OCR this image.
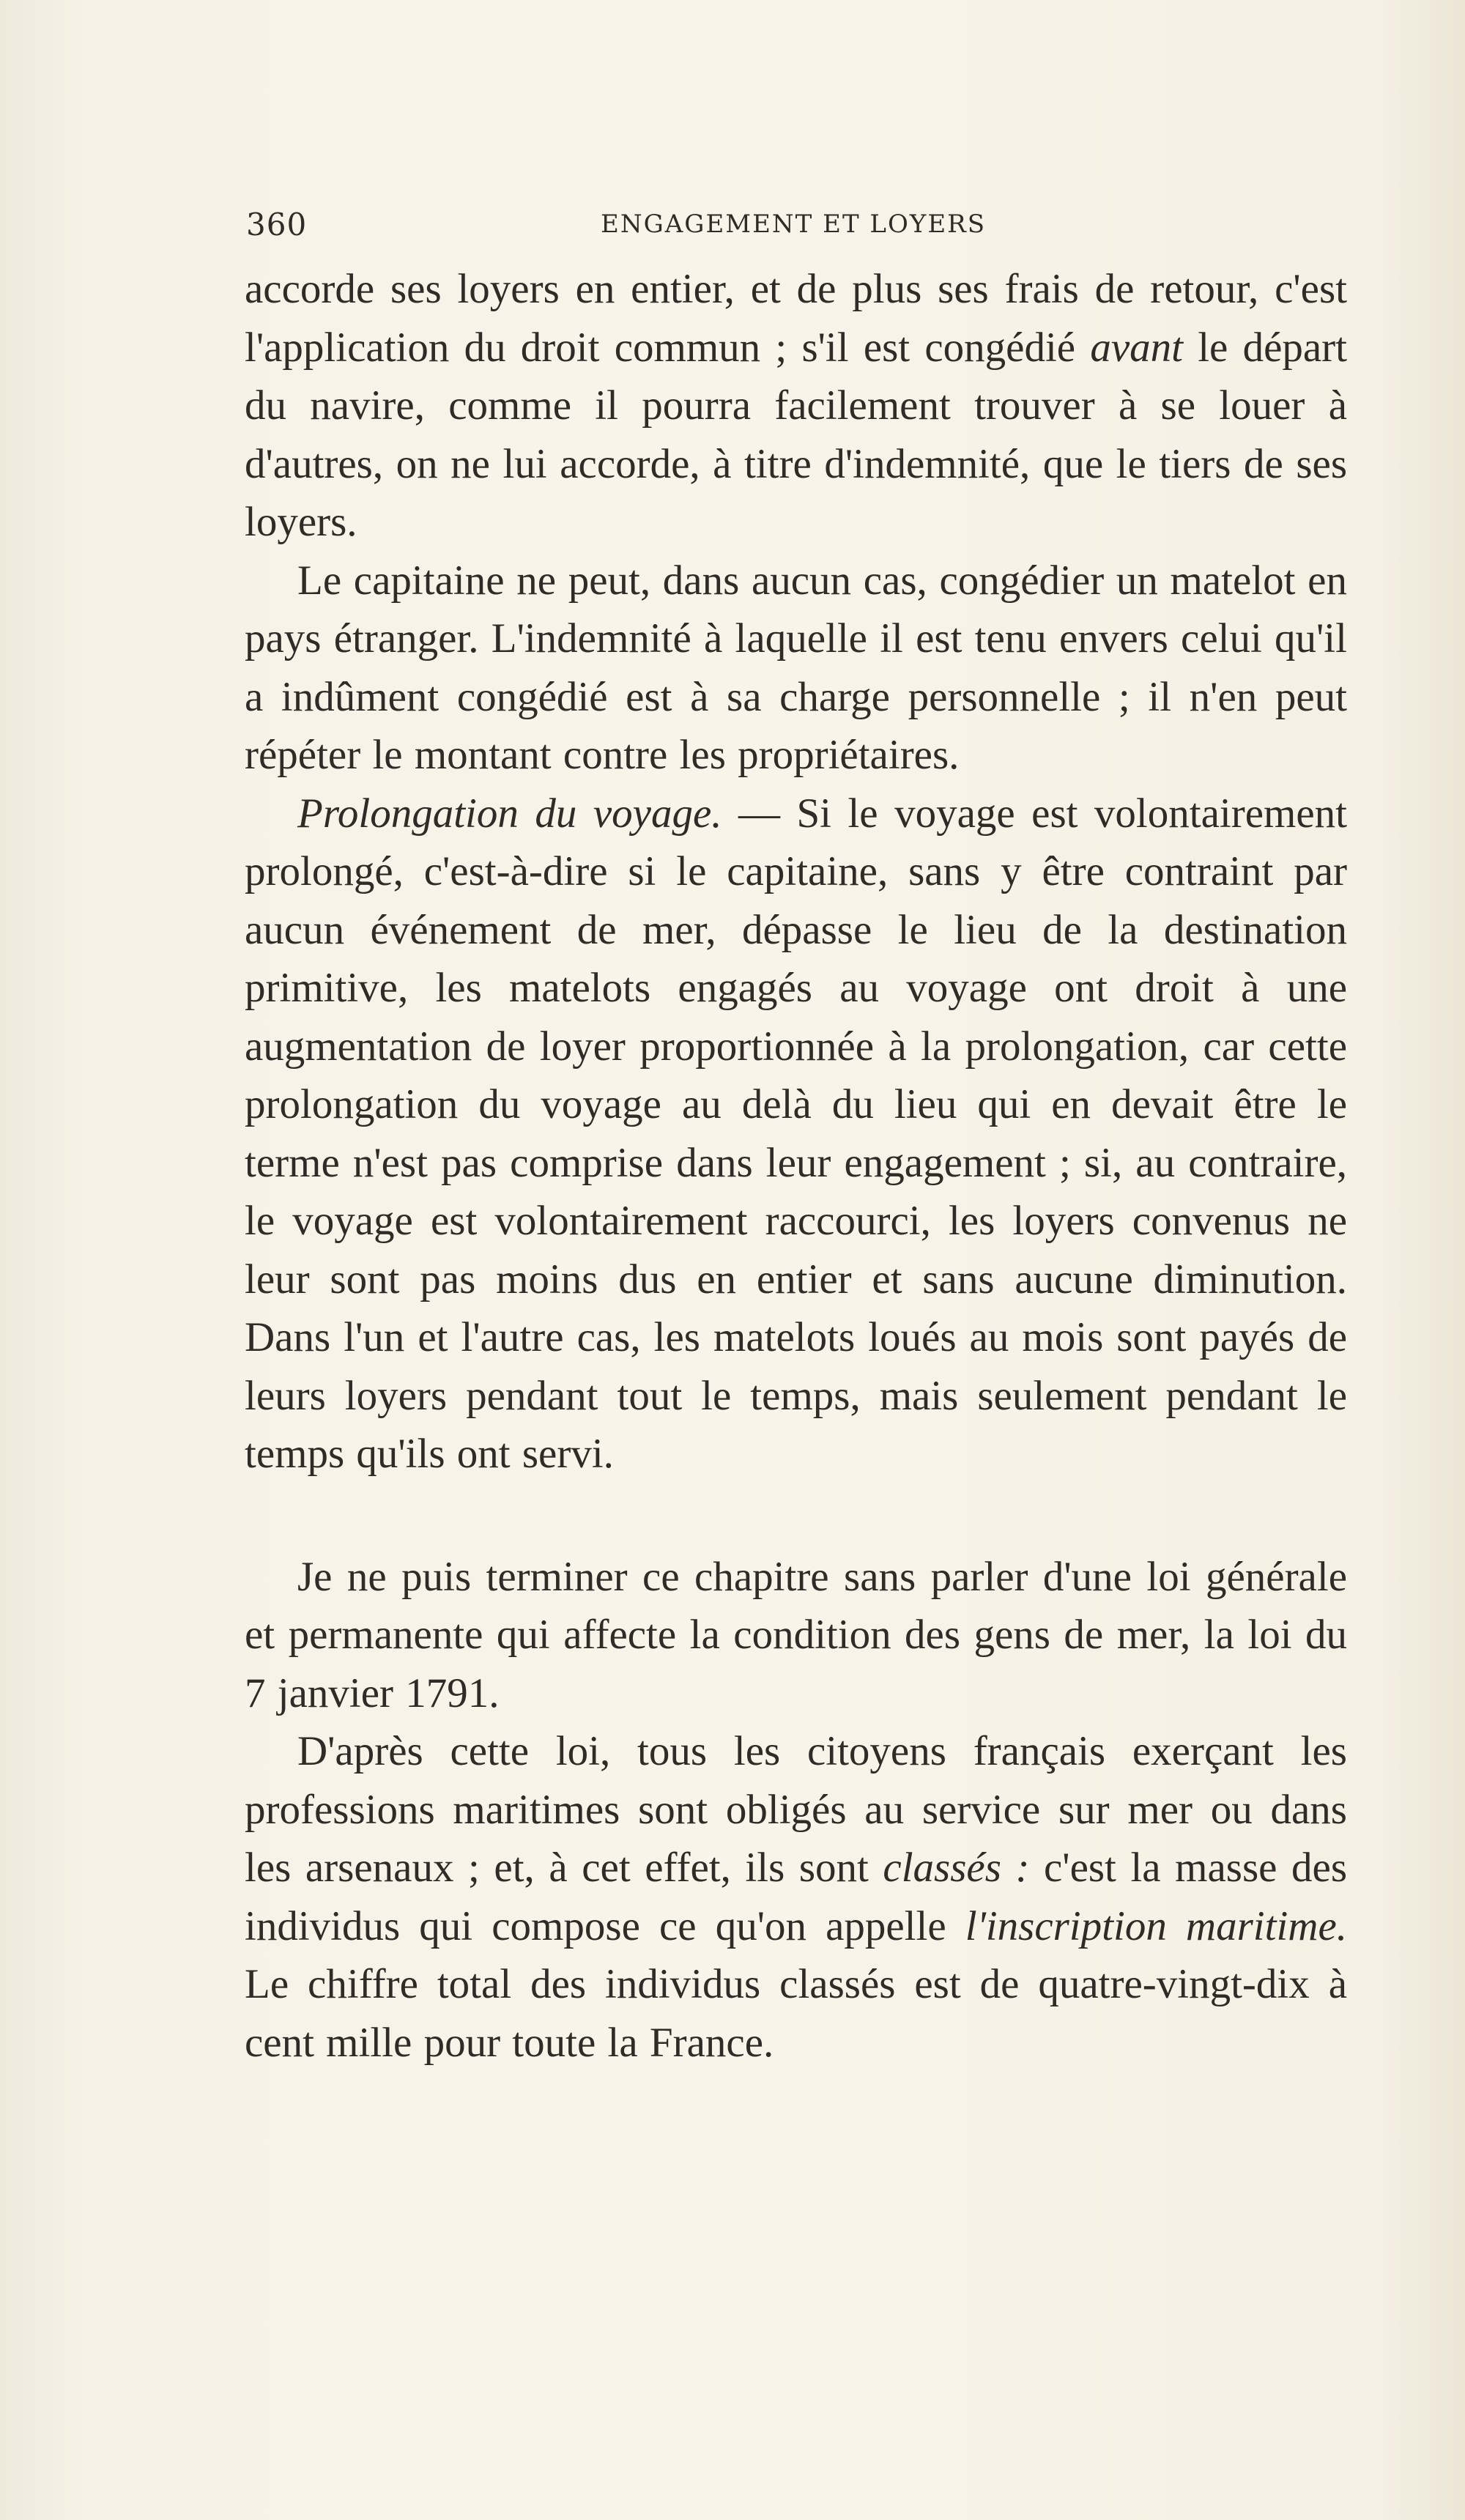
360	ENGAGEMENT ET LOYERS

accorde ses loyers en entier, et de plus ses frais de retour, c'est l'application du droit commun ; s'il est congédié avant le départ du navire, comme il pourra facilement trouver à se louer à d'autres, on ne lui accorde, à titre d'indemnité, que le tiers de ses loyers.

Le capitaine ne peut, dans aucun cas, congédier un matelot en pays étranger. L'indemnité à laquelle il est tenu envers celui qu'il a indûment congédié est à sa charge personnelle ; il n'en peut répéter le montant contre les propriétaires.

Prolongation du voyage. — Si le voyage est volontairement prolongé, c'est-à-dire si le capitaine, sans y être contraint par aucun événement de mer, dépasse le lieu de la destination primitive, les matelots engagés au voyage ont droit à une augmentation de loyer proportionnée à la prolongation, car cette prolongation du voyage au delà du lieu qui en devait être le terme n'est pas comprise dans leur engagement ; si, au contraire, le voyage est volontairement raccourci, les loyers convenus ne leur sont pas moins dus en entier et sans aucune diminution. Dans l'un et l'autre cas, les matelots loués au mois sont payés de leurs loyers pendant tout le temps, mais seulement pendant le temps qu'ils ont servi.

Je ne puis terminer ce chapitre sans parler d'une loi générale et permanente qui affecte la condition des gens de mer, la loi du 7 janvier 1791.

D'après cette loi, tous les citoyens français exerçant les professions maritimes sont obligés au service sur mer ou dans les arsenaux ; et, à cet effet, ils sont classés : c'est la masse des individus qui compose ce qu'on appelle l'inscription maritime. Le chiffre total des individus classés est de quatre-vingt-dix à cent mille pour toute la France.
